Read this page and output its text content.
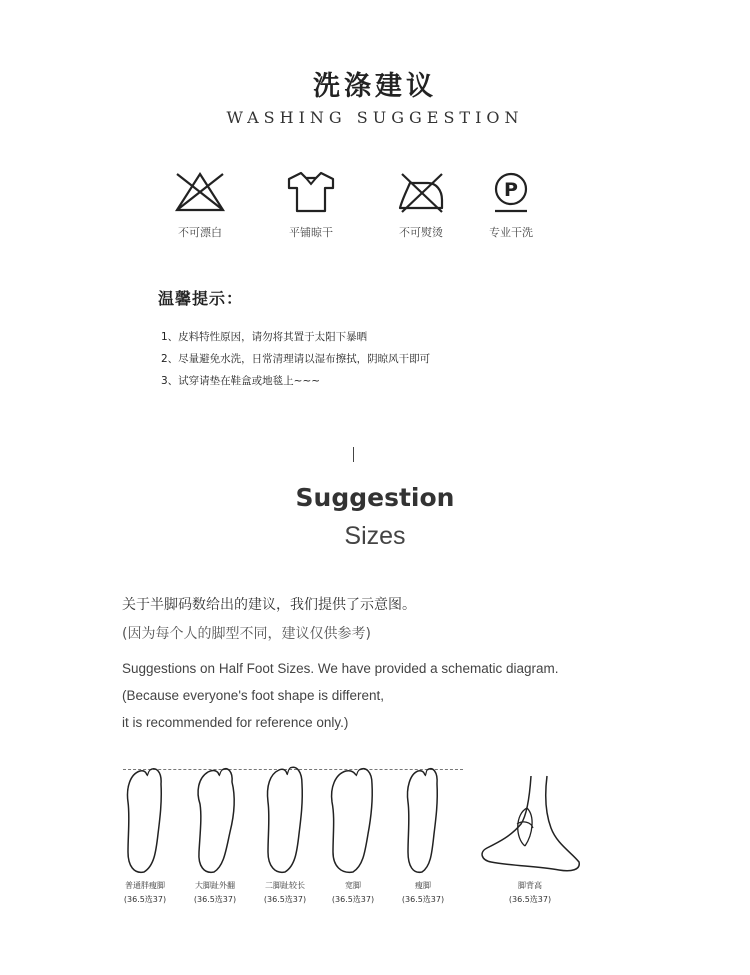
洗涤建议
WASHING SUGGESTION
不可漂白	平铺晾干	不可熨烫
P
专业干洗
温馨提示：
1、皮料特性原因，请勿将其置于太阳下暴晒
2、尽量避免水洗，日常清理请以湿布擦拭，阴晾风干即可
3、试穿请垫在鞋盒或地毯上~~~
Suggestion
Sizes
关于半脚码数给出的建议，我们提供了示意图。
(因为每个人的脚型不同，建议仅供参考)
Suggestions on Half Foot Sizes. We have provided a schematic diagram.
(Because everyone's foot shape is different,
it is recommended for reference only.)
普通胖瘦脚
(36.5选37)
大脚趾外翻
(36.5选37)
二脚趾较长
(36.5选37)
宽脚
(36.5选37)
瘦脚
(36.5选37)
脚背高
(36.5选37)
